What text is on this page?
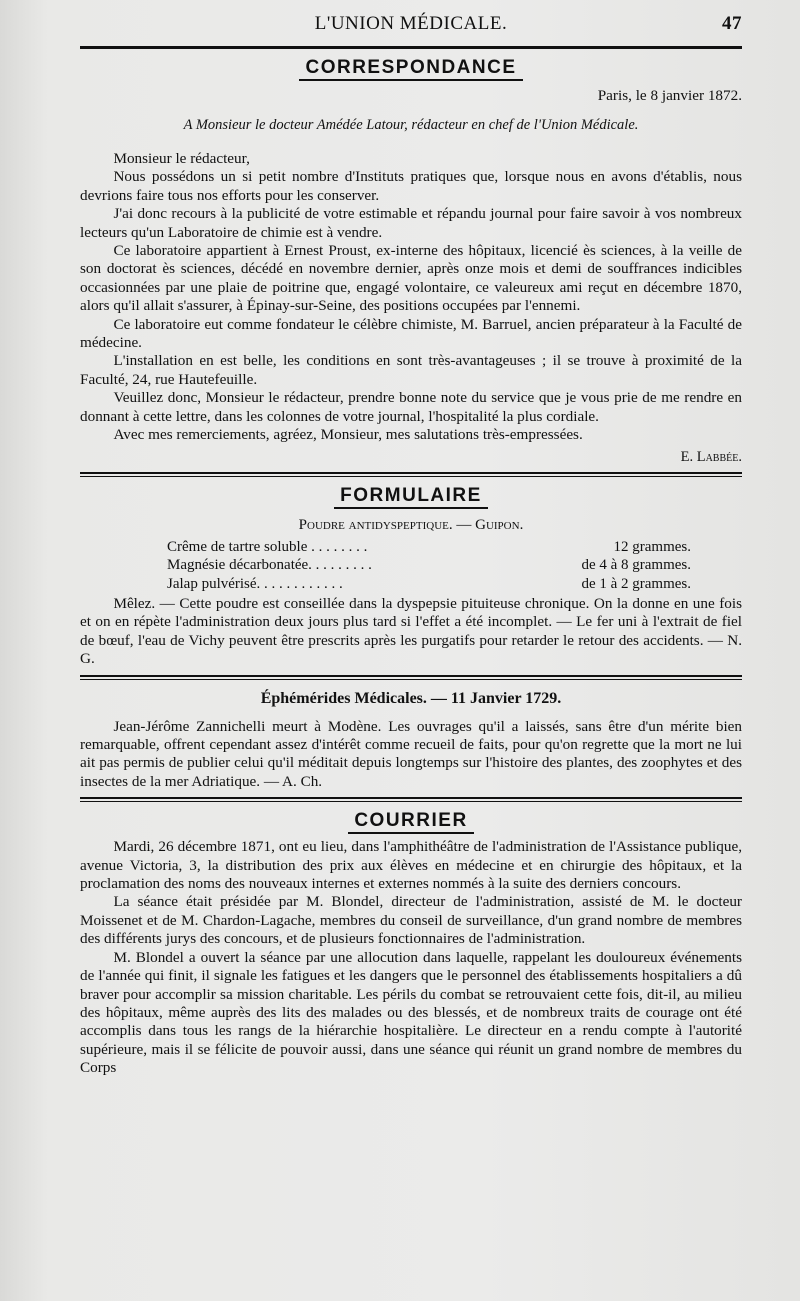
L'UNION MÉDICALE.	47
CORRESPONDANCE
Paris, le 8 janvier 1872.
A Monsieur le docteur Amédée Latour, rédacteur en chef de l'Union Médicale.

Monsieur le rédacteur,

Nous possédons un si petit nombre d'Instituts pratiques que, lorsque nous en avons d'établis, nous devrions faire tous nos efforts pour les conserver.

J'ai donc recours à la publicité de votre estimable et répandu journal pour faire savoir à vos nombreux lecteurs qu'un Laboratoire de chimie est à vendre.

Ce laboratoire appartient à Ernest Proust, ex-interne des hôpitaux, licencié ès sciences, à la veille de son doctorat ès sciences, décédé en novembre dernier, après onze mois et demi de souffrances indicibles occasionnées par une plaie de poitrine que, engagé volontaire, ce valeureux ami reçut en décembre 1870, alors qu'il allait s'assurer, à Épinay-sur-Seine, des positions occupées par l'ennemi.

Ce laboratoire eut comme fondateur le célèbre chimiste, M. Barruel, ancien préparateur à la Faculté de médecine.

L'installation en est belle, les conditions en sont très-avantageuses ; il se trouve à proximité de la Faculté, 24, rue Hautefeuille.

Veuillez donc, Monsieur le rédacteur, prendre bonne note du service que je vous prie de me rendre en donnant à cette lettre, dans les colonnes de votre journal, l'hospitalité la plus cordiale.

Avec mes remerciements, agréez, Monsieur, mes salutations très-empressées.

E. Labbée.
FORMULAIRE
Poudre antidyspeptique. — Guipon.
Crême de tartre soluble . . . . . . . .	12 grammes.
Magnésie décarbonatée. . . . . . . . .	de 4 à 8 grammes.
Jalap pulvérisé. . . . . . . . . . . .	de 1 à 2 grammes.

Mêlez. — Cette poudre est conseillée dans la dyspepsie pituiteuse chronique. On la donne en une fois et on en répète l'administration deux jours plus tard si l'effet a été incomplet. — Le fer uni à l'extrait de fiel de bœuf, l'eau de Vichy peuvent être prescrits après les purgatifs pour retarder le retour des accidents. — N. G.

Éphémérides Médicales. — 11 Janvier 1729.

Jean-Jérôme Zannichelli meurt à Modène. Les ouvrages qu'il a laissés, sans être d'un mérite bien remarquable, offrent cependant assez d'intérêt comme recueil de faits, pour qu'on regrette que la mort ne lui ait pas permis de publier celui qu'il méditait depuis longtemps sur l'histoire des plantes, des zoophytes et des insectes de la mer Adriatique. — A. Ch.

COURRIER

Mardi, 26 décembre 1871, ont eu lieu, dans l'amphithéâtre de l'administration de l'Assistance publique, avenue Victoria, 3, la distribution des prix aux élèves en médecine et en chirurgie des hôpitaux, et la proclamation des noms des nouveaux internes et externes nommés à la suite des derniers concours.

La séance était présidée par M. Blondel, directeur de l'administration, assisté de M. le docteur Moissenet et de M. Chardon-Lagache, membres du conseil de surveillance, d'un grand nombre de membres des différents jurys des concours, et de plusieurs fonctionnaires de l'administration.

M. Blondel a ouvert la séance par une allocution dans laquelle, rappelant les douloureux événements de l'année qui finit, il signale les fatigues et les dangers que le personnel des établissements hospitaliers a dû braver pour accomplir sa mission charitable. Les périls du combat se retrouvaient cette fois, dit-il, au milieu des hôpitaux, même auprès des lits des malades ou des blessés, et de nombreux traits de courage ont été accomplis dans tous les rangs de la hiérarchie hospitalière. Le directeur en a rendu compte à l'autorité supérieure, mais il se félicite de pouvoir aussi, dans une séance qui réunit un grand nombre de membres du Corps
